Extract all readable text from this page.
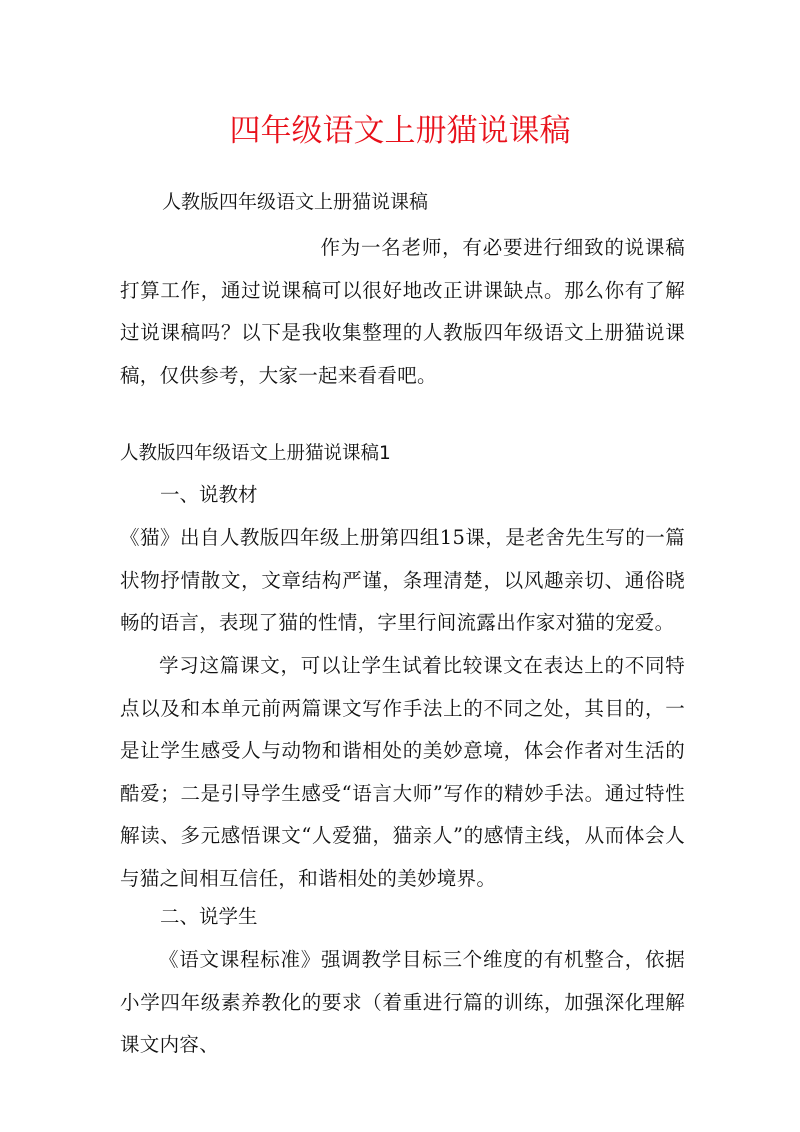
四年级语文上册猫说课稿
人教版四年级语文上册猫说课稿
作为一名老师，有必要进行细致的说课稿打算工作，通过说课稿可以很好地改正讲课缺点。那么你有了解过说课稿吗？以下是我收集整理的人教版四年级语文上册猫说课稿，仅供参考，大家一起来看看吧。
人教版四年级语文上册猫说课稿1
一、说教材
《猫》出自人教版四年级上册第四组15课，是老舍先生写的一篇状物抒情散文，文章结构严谨，条理清楚，以风趣亲切、通俗晓畅的语言，表现了猫的性情，字里行间流露出作家对猫的宠爱。
学习这篇课文，可以让学生试着比较课文在表达上的不同特点以及和本单元前两篇课文写作手法上的不同之处，其目的，一是让学生感受人与动物和谐相处的美妙意境，体会作者对生活的酷爱；二是引导学生感受“语言大师”写作的精妙手法。通过特性解读、多元感悟课文“人爱猫，猫亲人”的感情主线，从而体会人与猫之间相互信任，和谐相处的美妙境界。
二、说学生
《语文课程标准》强调教学目标三个维度的有机整合，依据小学四年级素养教化的要求（着重进行篇的训练，加强深化理解课文内容、
